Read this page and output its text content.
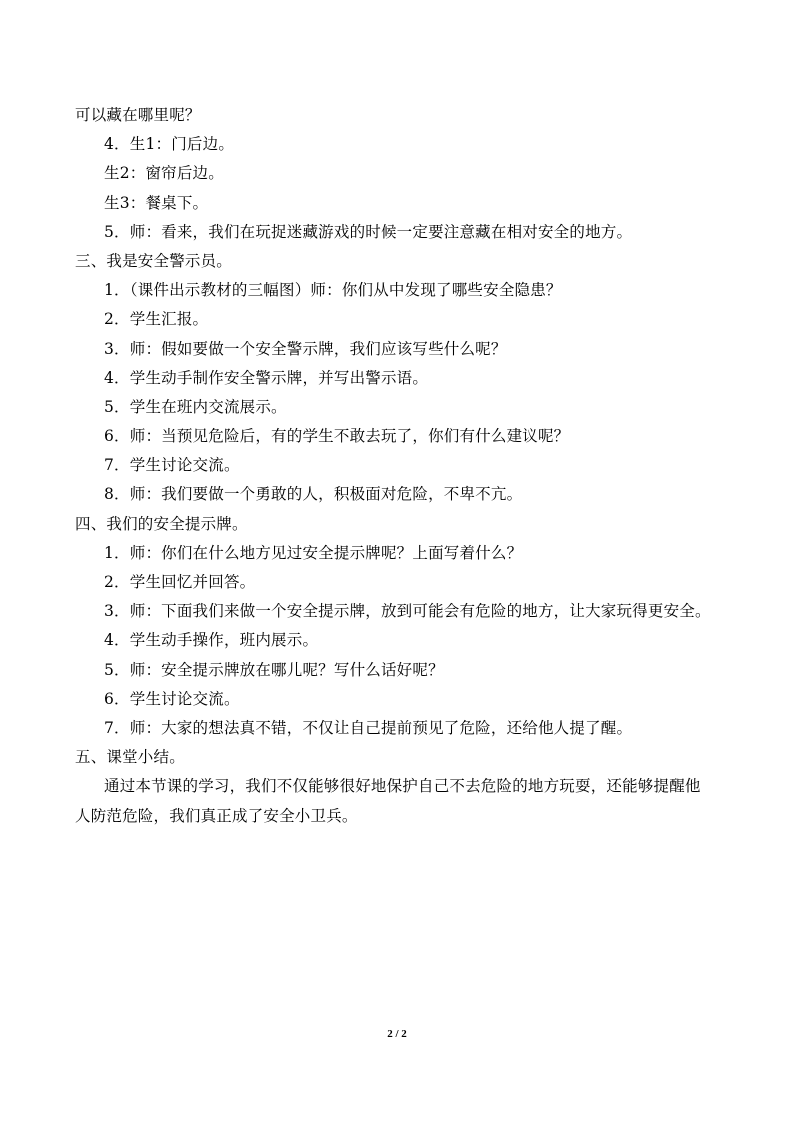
可以藏在哪里呢？
4．生1：门后边。
生2：窗帘后边。
生3：餐桌下。
5．师：看来，我们在玩捉迷藏游戏的时候一定要注意藏在相对安全的地方。
三、我是安全警示员。
1．（课件出示教材的三幅图）师：你们从中发现了哪些安全隐患？
2．学生汇报。
3．师：假如要做一个安全警示牌，我们应该写些什么呢？
4．学生动手制作安全警示牌，并写出警示语。
5．学生在班内交流展示。
6．师：当预见危险后，有的学生不敢去玩了，你们有什么建议呢？
7．学生讨论交流。
8．师：我们要做一个勇敢的人，积极面对危险，不卑不亢。
四、我们的安全提示牌。
1．师：你们在什么地方见过安全提示牌呢？上面写着什么？
2．学生回忆并回答。
3．师：下面我们来做一个安全提示牌，放到可能会有危险的地方，让大家玩得更安全。
4．学生动手操作，班内展示。
5．师：安全提示牌放在哪儿呢？写什么话好呢？
6．学生讨论交流。
7．师：大家的想法真不错，不仅让自己提前预见了危险，还给他人提了醒。
五、课堂小结。
通过本节课的学习，我们不仅能够很好地保护自己不去危险的地方玩耍，还能够提醒他人防范危险，我们真正成了安全小卫兵。
2 / 2
